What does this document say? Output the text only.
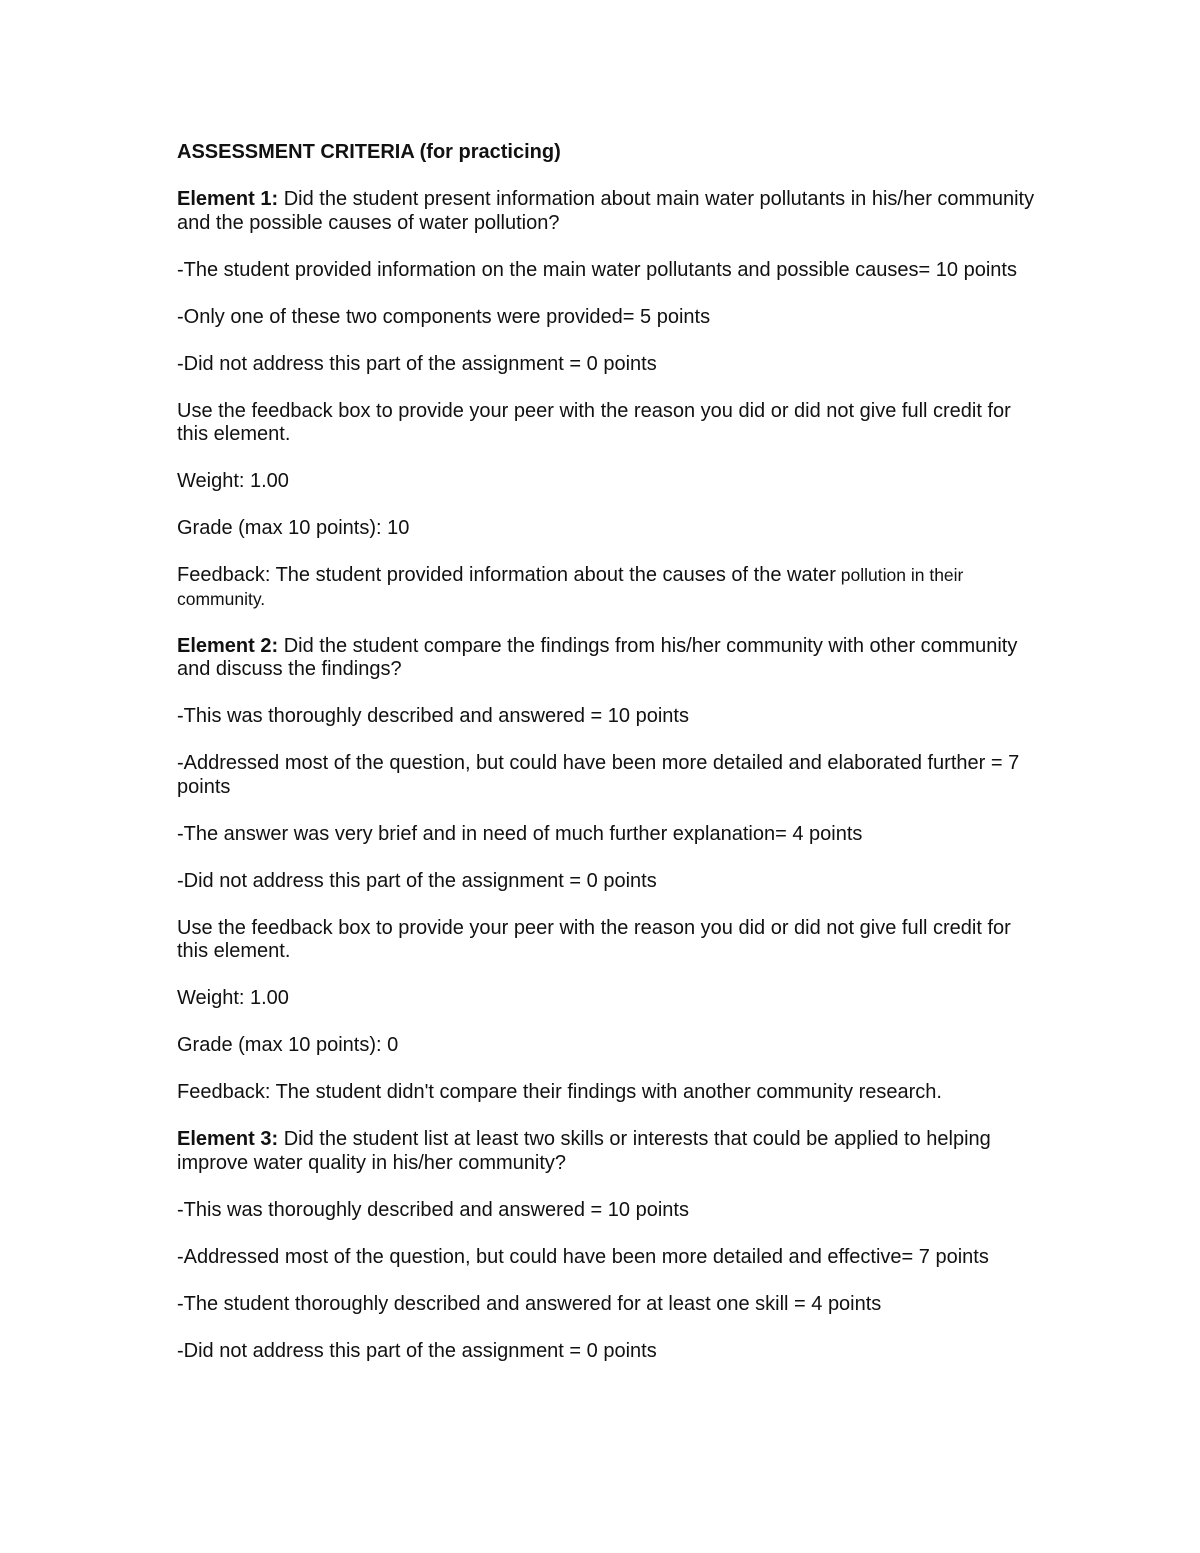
ASSESSMENT CRITERIA (for practicing)

Element 1: Did the student present information about main water pollutants in his/her community and the possible causes of water pollution?

-The student provided information on the main water pollutants and possible causes= 10 points

-Only one of these two components were provided= 5 points

-Did not address this part of the assignment = 0 points

Use the feedback box to provide your peer with the reason you did or did not give full credit for this element.

Weight: 1.00

Grade (max 10 points): 10

Feedback: The student provided information about the causes of the water pollution in their community.

Element 2: Did the student compare the findings from his/her community with other community and discuss the findings?

-This was thoroughly described and answered = 10 points

-Addressed most of the question, but could have been more detailed and elaborated further = 7 points

-The answer was very brief and in need of much further explanation= 4 points

-Did not address this part of the assignment = 0 points

Use the feedback box to provide your peer with the reason you did or did not give full credit for this element.

Weight: 1.00

Grade (max 10 points): 0

Feedback: The student didn't compare their findings with another community research.

Element 3: Did the student list at least two skills or interests that could be applied to helping improve water quality in his/her community?

-This was thoroughly described and answered = 10 points

-Addressed most of the question, but could have been more detailed and effective= 7 points

-The student thoroughly described and answered for at least one skill = 4 points

-Did not address this part of the assignment = 0 points
